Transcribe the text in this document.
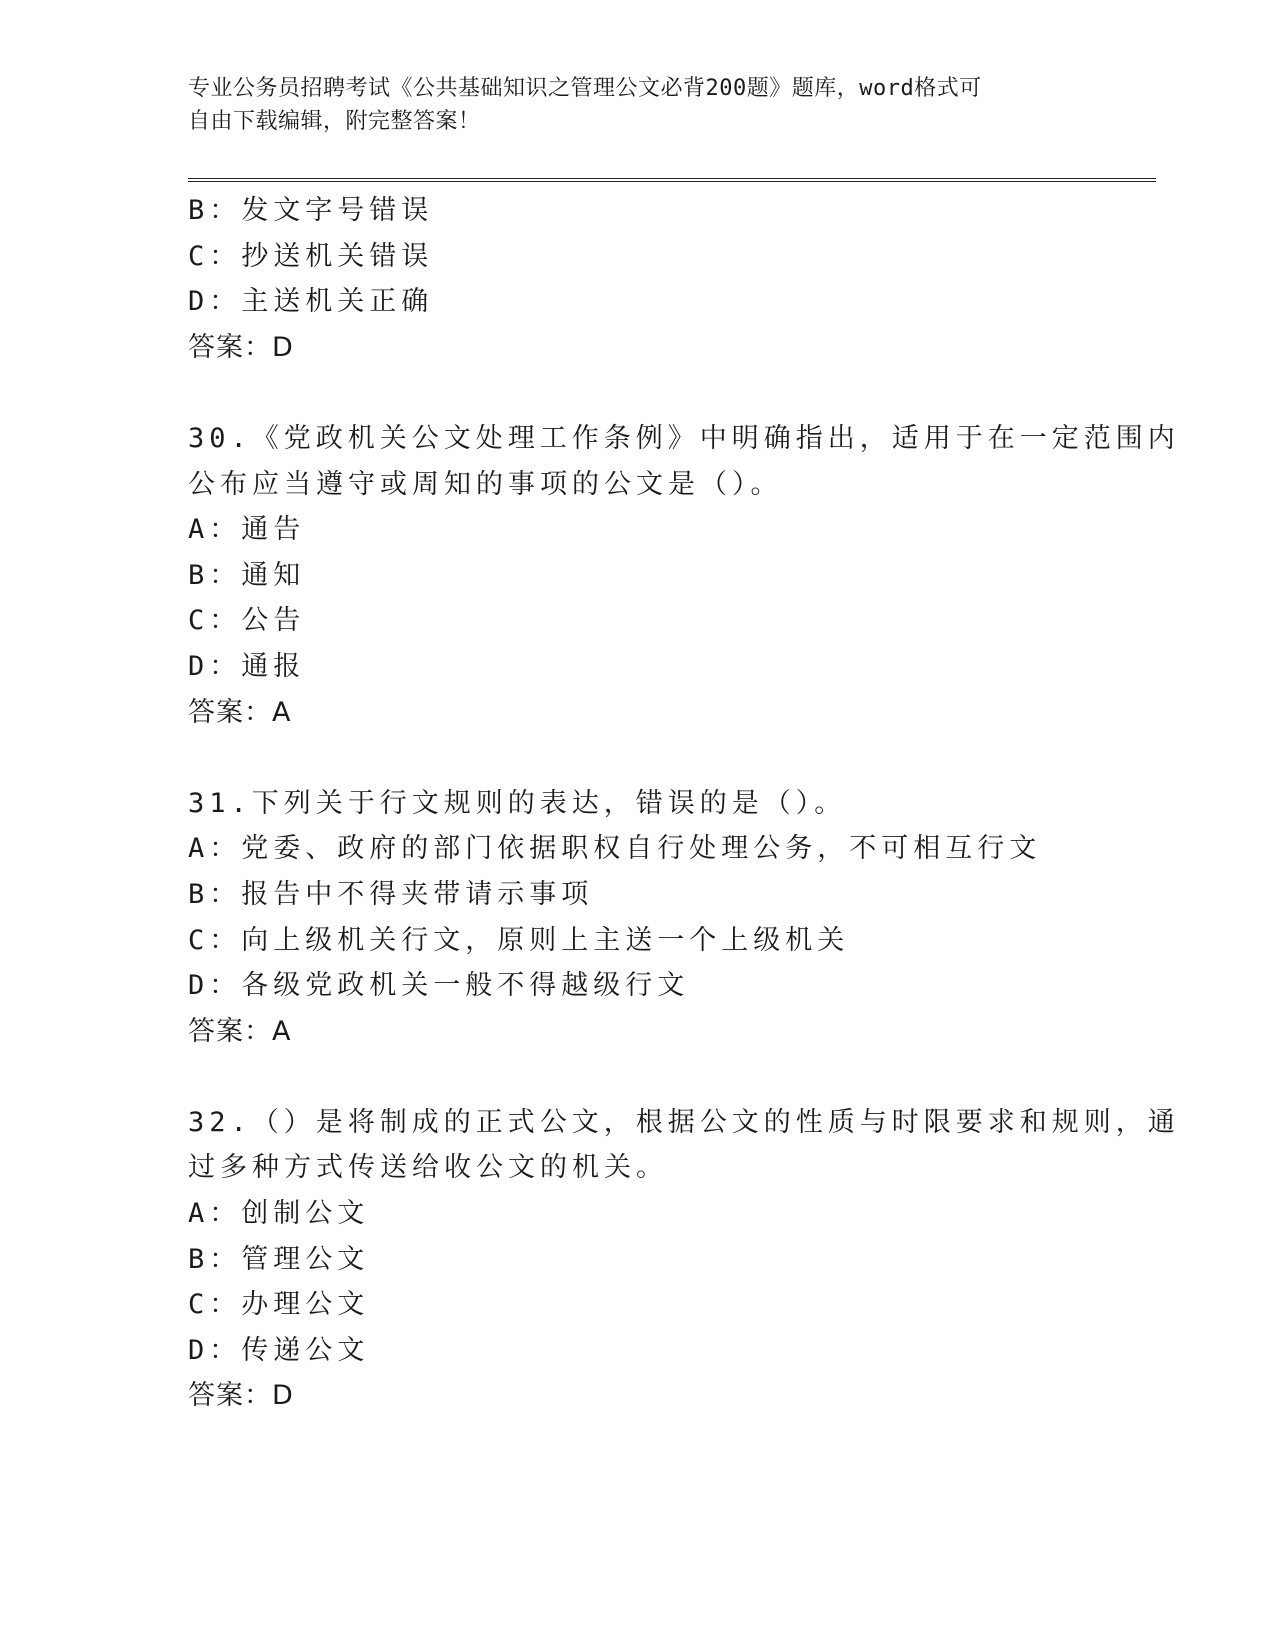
专业公务员招聘考试《公共基础知识之管理公文必背200题》题库，word格式可
自由下载编辑，附完整答案！
B：发文字号错误
C：抄送机关错误
D：主送机关正确
答案：D
30.《党政机关公文处理工作条例》中明确指出，适用于在一定范围内
公布应当遵守或周知的事项的公文是（）。
A：通告
B：通知
C：公告
D：通报
答案：A
31.下列关于行文规则的表达，错误的是（）。
A：党委、政府的部门依据职权自行处理公务，不可相互行文
B：报告中不得夹带请示事项
C：向上级机关行文，原则上主送一个上级机关
D：各级党政机关一般不得越级行文
答案：A
32.（）是将制成的正式公文，根据公文的性质与时限要求和规则，通
过多种方式传送给收公文的机关。
A：创制公文
B：管理公文
C：办理公文
D：传递公文
答案：D
